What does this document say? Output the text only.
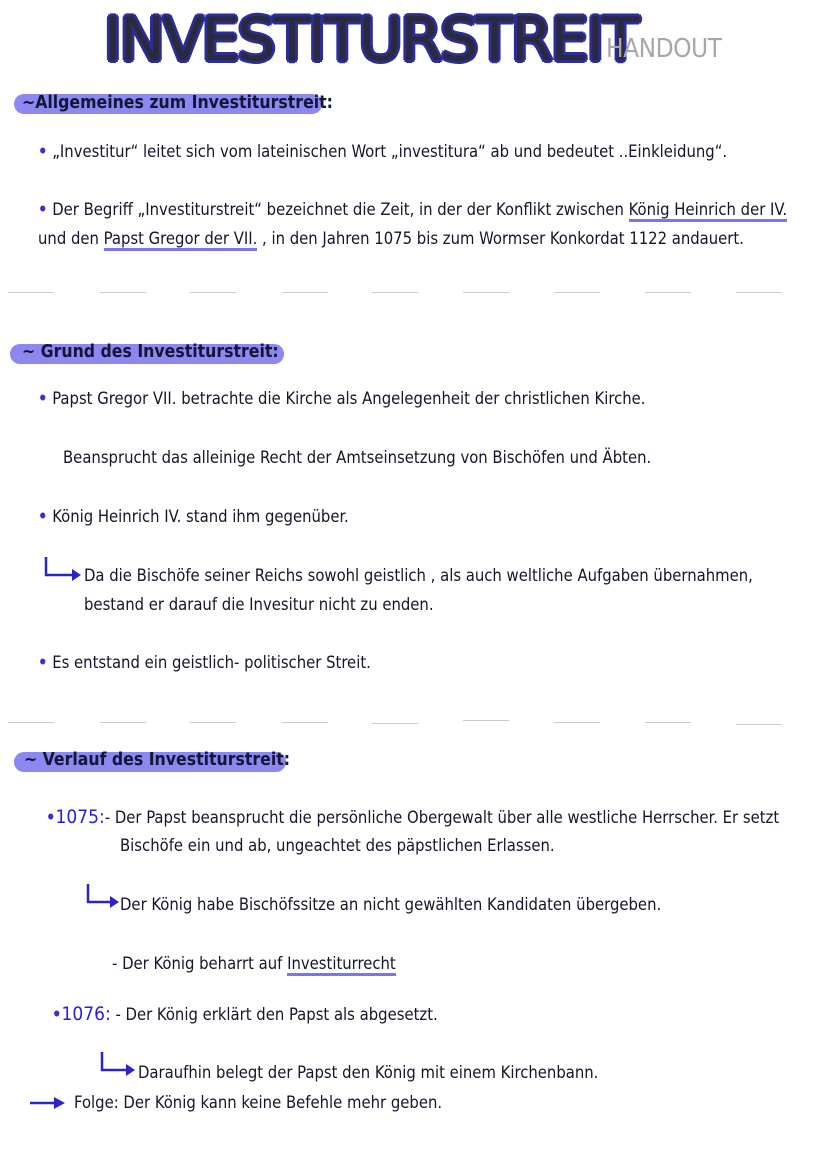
INVESTITURSTREIT
HANDOUT
~Allgemeines zum Investiturstreit:
• „Investitur“ leitet sich vom lateinischen Wort „investitura“ ab und bedeutet ..Einkleidung“.
• Der Begriff „Investiturstreit“ bezeichnet die Zeit, in der der Konflikt zwischen König Heinrich der IV.
und den Papst Gregor der VII. , in den Jahren 1075 bis zum Wormser Konkordat 1122 andauert.
~ Grund des Investiturstreit:
• Papst Gregor VII. betrachte die Kirche als Angelegenheit der christlichen Kirche.
Beansprucht das alleinige Recht der Amtseinsetzung von Bischöfen und Äbten.
• König Heinrich IV. stand ihm gegenüber.
Da die Bischöfe seiner Reichs sowohl geistlich , als auch weltliche Aufgaben übernahmen,
bestand er darauf die Invesitur nicht zu enden.
• Es entstand ein geistlich- politischer Streit.
~ Verlauf des Investiturstreit:
•1075:- Der Papst beansprucht die persönliche Obergewalt über alle westliche Herrscher. Er setzt
Bischöfe ein und ab, ungeachtet des päpstlichen Erlassen.
Der König habe Bischöfssitze an nicht gewählten Kandidaten übergeben.
- Der König beharrt auf Investiturrecht
•1076: - Der König erklärt den Papst als abgesetzt.
Daraufhin belegt der Papst den König mit einem Kirchenbann.
Folge: Der König kann keine Befehle mehr geben.
